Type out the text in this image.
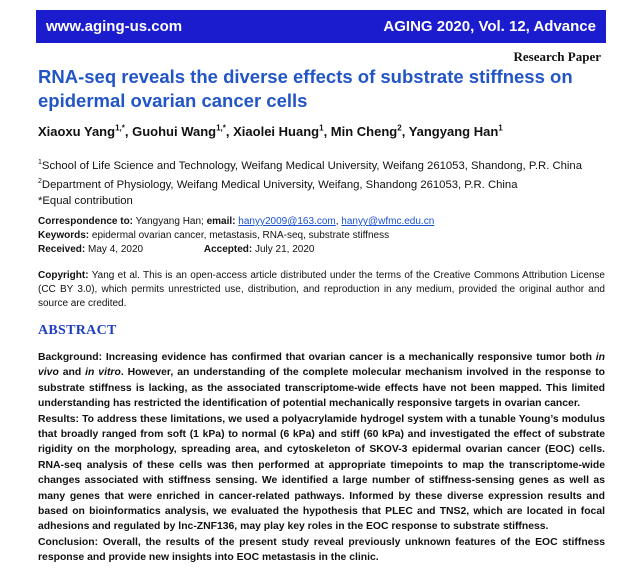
www.aging-us.com	AGING 2020, Vol. 12, Advance
Research Paper
RNA-seq reveals the diverse effects of substrate stiffness on epidermal ovarian cancer cells
Xiaoxu Yang$^{1,*}$, Guohui Wang$^{1,*}$, Xiaolei Huang$^1$, Min Cheng$^2$, Yangyang Han$^1$
$^1$School of Life Science and Technology, Weifang Medical University, Weifang 261053, Shandong, P.R. China
$^2$Department of Physiology, Weifang Medical University, Weifang, Shandong 261053, P.R. China
*Equal contribution
Correspondence to: Yangyang Han; email: hanyy2009@163.com, hanyy@wfmc.edu.cn
Keywords: epidermal ovarian cancer, metastasis, RNA-seq, substrate stiffness
Received: May 4, 2020	Accepted: July 21, 2020
Copyright: Yang et al. This is an open-access article distributed under the terms of the Creative Commons Attribution License (CC BY 3.0), which permits unrestricted use, distribution, and reproduction in any medium, provided the original author and source are credited.
ABSTRACT

Background: Increasing evidence has confirmed that ovarian cancer is a mechanically responsive tumor both in vivo and in vitro. However, an understanding of the complete molecular mechanism involved in the response to substrate stiffness is lacking, as the associated transcriptome-wide effects have not been mapped. This limited understanding has restricted the identification of potential mechanically responsive targets in ovarian cancer.

Results: To address these limitations, we used a polyacrylamide hydrogel system with a tunable Young’s modulus that broadly ranged from soft (1 kPa) to normal (6 kPa) and stiff (60 kPa) and investigated the effect of substrate rigidity on the morphology, spreading area, and cytoskeleton of SKOV-3 epidermal ovarian cancer (EOC) cells. RNA-seq analysis of these cells was then performed at appropriate timepoints to map the transcriptome-wide changes associated with stiffness sensing. We identified a large number of stiffness-sensing genes as well as many genes that were enriched in cancer-related pathways. Informed by these diverse expression results and based on bioinformatics analysis, we evaluated the hypothesis that PLEC and TNS2, which are located in focal adhesions and regulated by lnc-ZNF136, may play key roles in the EOC response to substrate stiffness.

Conclusion: Overall, the results of the present study reveal previously unknown features of the EOC stiffness response and provide new insights into EOC metastasis in the clinic.
